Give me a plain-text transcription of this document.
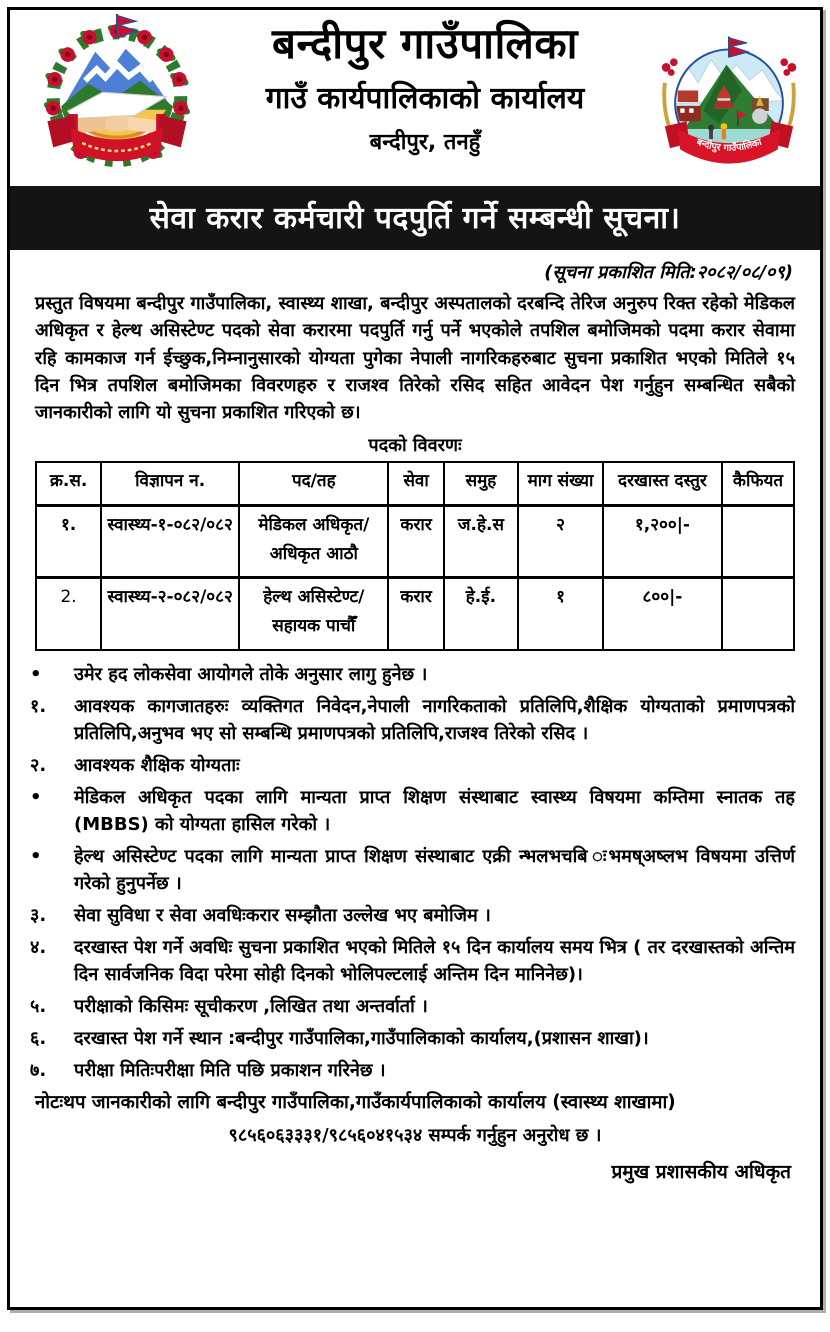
बन्दीपुर गाउँपालिका
गाउँ कार्यपालिकाको कार्यालय
बन्दीपुर, तनहुँ	बन्दीपुर गाउँपालिका
सेवा करार कर्मचारी पदपुर्ति गर्ने सम्बन्धी सूचना।
(सूचना प्रकाशित मिति:२०८२/०८/०९)

प्रस्तुत विषयमा बन्दीपुर गाउँपालिका, स्वास्थ्य शाखा, बन्दीपुर अस्पतालको दरबन्दि तेरिज अनुरुप रिक्त रहेको मेडिकल अधिकृत र हेल्थ असिस्टेण्ट पदको सेवा करारमा पदपुर्ति गर्नु पर्ने भएकोले तपशिल बमोजिमको पदमा करार सेवामा रहि कामकाज गर्न ईच्छुक,निम्नानुसारको योग्यता पुगेका नेपाली नागरिकहरुबाट सुचना प्रकाशित भएको मितिले १५ दिन भित्र तपशिल बमोजिमका विवरणहरु र राजश्व तिरेको रसिद सहित आवेदन पेश गर्नुहुन सम्बन्धित सबैको जानकारीको लागि यो सुचना प्रकाशित गरिएको छ।

पदको विवरणः
क्र.स.	विज्ञापन न.	पद/तह	सेवा	समुह	माग संख्या	दरखास्त दस्तुर	कैफियत
१.	स्वास्थ्य-१-०८२/०८२	मेडिकल अधिकृत/अधिकृत आठौ	करार	ज.हे.स	२	१,२००|-	
2.	स्वास्थ्य-२-०८२/०८२	हेल्थ असिस्टेण्ट/ सहायक पाचौँ	करार	हे.ई.	१	८००|-	
•	उमेर हद लोकसेवा आयोगले तोके अनुसार लागु हुनेछ ।
१.	आवश्यक कागजातहरुः व्यक्तिगत निवेदन,नेपाली नागरिकताको प्रतिलिपि,शैक्षिक योग्यताको प्रमाणपत्रको प्रतिलिपि,अनुभव भए सो सम्बन्धि प्रमाणपत्रको प्रतिलिपि,राजश्व तिरेको रसिद ।
२.	आवश्यक शैक्षिक योग्यताः
•	मेडिकल अधिकृत पदका लागि मान्यता प्राप्त शिक्षण संस्थाबाट स्वास्थ्य विषयमा कम्तिमा स्नातक तह (MBBS) को योग्यता हासिल गरेको ।
•	हेल्थ असिस्टेण्ट पदका लागि मान्यता प्राप्त शिक्षण संस्थाबाट एक्री न्भलभचबि ःभमष्अष्लभ विषयमा उत्तिर्ण गरेको हुनुपर्नेछ ।
३.	सेवा सुविधा र सेवा अवधिःकरार सम्झौता उल्लेख भए बमोजिम ।
४.	दरखास्त पेश गर्ने अवधिः सुचना प्रकाशित भएको मितिले १५ दिन कार्यालय समय भित्र ( तर दरखास्तको अन्तिम दिन सार्वजनिक विदा परेमा सोही दिनको भोलिपल्टलाई अन्तिम दिन मानिनेछ)।
५.	परीक्षाको किसिमः सूचीकरण ,लिखित तथा अन्तर्वार्ता ।
६.	दरखास्त पेश गर्ने स्थान :बन्दीपुर गाउँपालिका,गाउँपालिकाको कार्यालय,(प्रशासन शाखा)।
७.	परीक्षा मितिःपरीक्षा मिति पछि प्रकाशन गरिनेछ ।
नोटःथप जानकारीको लागि बन्दीपुर गाउँपालिका,गाउँकार्यपालिकाको कार्यालय (स्वास्थ्य शाखामा)
९८५६०६३३३१/९८५६०४१५३४ सम्पर्क गर्नुहुन अनुरोध छ ।
प्रमुख प्रशासकीय अधिकृत
